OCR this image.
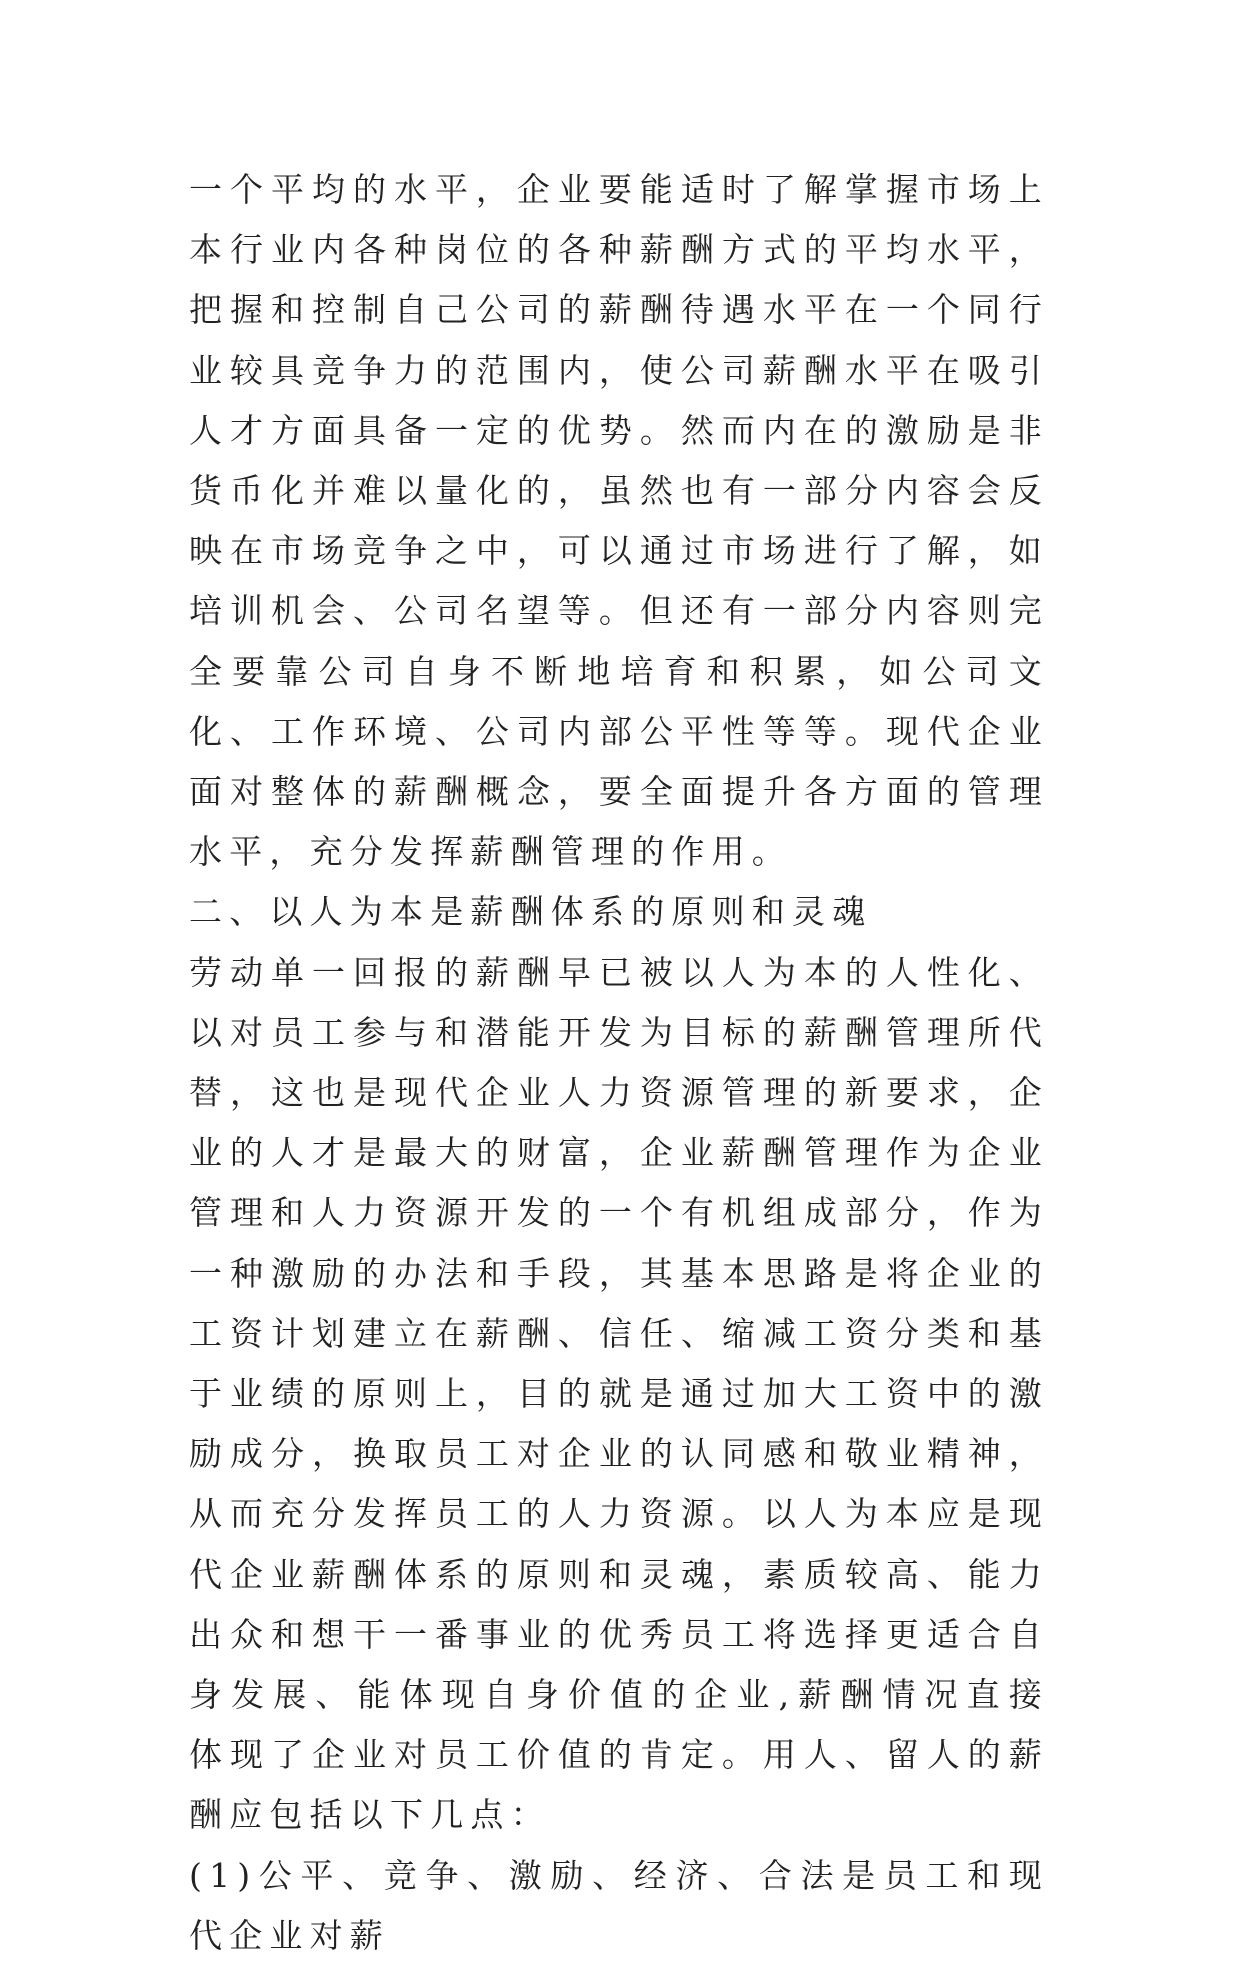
一个平均的水平，企业要能适时了解掌握市场上本行业内各种岗位的各种薪酬方式的平均水平，把握和控制自己公司的薪酬待遇水平在一个同行业较具竞争力的范围内，使公司薪酬水平在吸引人才方面具备一定的优势。然而内在的激励是非货币化并难以量化的，虽然也有一部分内容会反映在市场竞争之中，可以通过市场进行了解，如培训机会、公司名望等。但还有一部分内容则完全要靠公司自身不断地培育和积累，如公司文化、工作环境、公司内部公平性等等。现代企业面对整体的薪酬概念，要全面提升各方面的管理水平，充分发挥薪酬管理的作用。

二、以人为本是薪酬体系的原则和灵魂

劳动单一回报的薪酬早已被以人为本的人性化、以对员工参与和潜能开发为目标的薪酬管理所代替，这也是现代企业人力资源管理的新要求，企业的人才是最大的财富，企业薪酬管理作为企业管理和人力资源开发的一个有机组成部分，作为一种激励的办法和手段，其基本思路是将企业的工资计划建立在薪酬、信任、缩减工资分类和基于业绩的原则上，目的就是通过加大工资中的激励成分，换取员工对企业的认同感和敬业精神，从而充分发挥员工的人力资源。以人为本应是现代企业薪酬体系的原则和灵魂，素质较高、能力出众和想干一番事业的优秀员工将选择更适合自身发展、能体现自身价值的企业,薪酬情况直接体现了企业对员工价值的肯定。用人、留人的薪酬应包括以下几点：

(1)公平、竞争、激励、经济、合法是员工和现代企业对薪
